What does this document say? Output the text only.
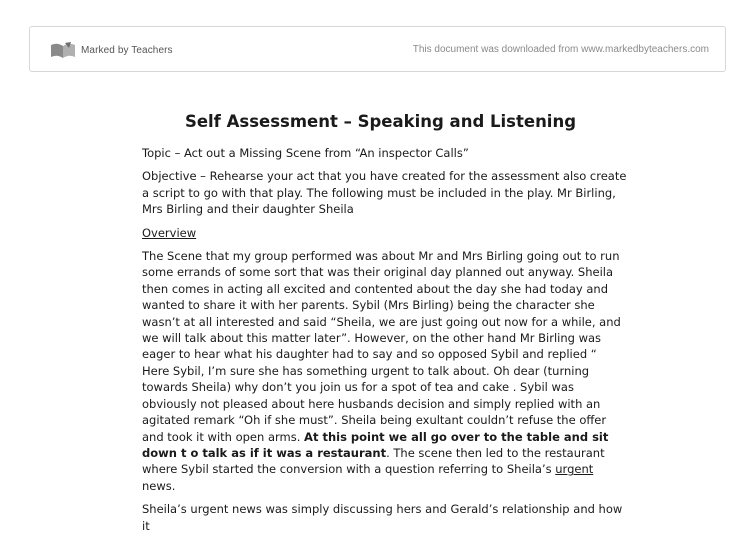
Marked by Teachers	This document was downloaded from www.markedbyteachers.com
Self Assessment – Speaking and Listening

Topic – Act out a Missing Scene from “An inspector Calls”

Objective – Rehearse your act that you have created for the assessment also create a script to go with that play. The following must be included in the play. Mr Birling, Mrs Birling and their daughter Sheila

Overview

The Scene that my group performed was about Mr and Mrs Birling going out to run some errands of some sort that was their original day planned out anyway. Sheila then comes in acting all excited and contented about the day she had today and wanted to share it with her parents. Sybil (Mrs Birling) being the character she wasn’t at all interested and said “Sheila, we are just going out now for a while, and we will talk about this matter later”. However, on the other hand Mr Birling was eager to hear what his daughter had to say and so opposed Sybil and replied “ Here Sybil, I’m sure she has something urgent to talk about. Oh dear (turning towards Sheila) why don’t you join us for a spot of tea and cake . Sybil was obviously not pleased about here husbands decision and simply replied with an agitated remark “Oh if she must”. Sheila being exultant couldn’t refuse the offer and took it with open arms. At this point we all go over to the table and sit down t o talk as if it was a restaurant. The scene then led to the restaurant where Sybil started the conversion with a question referring to Sheila’s urgent news.

Sheila’s urgent news was simply discussing hers and Gerald’s relationship and how it
